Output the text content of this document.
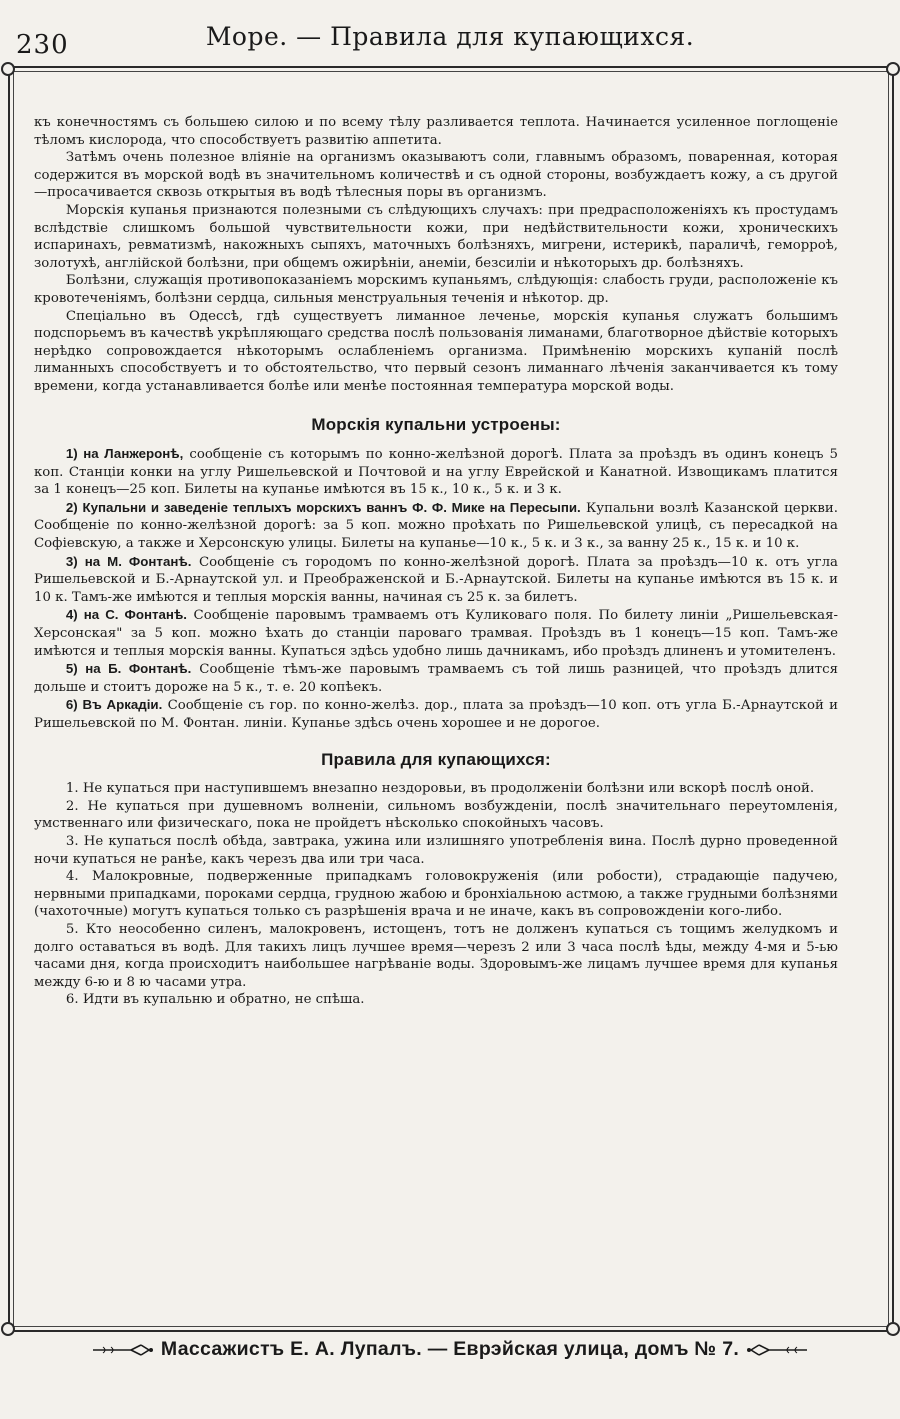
230	Море. — Правила для купающихся.

къ конечностямъ съ большею силою и по всему тѣлу разливается теплота. Начинается усиленное поглощеніе тѣломъ кислорода, что способствуетъ развитію аппетита.

Затѣмъ очень полезное вліяніе на организмъ оказываютъ соли, главнымъ образомъ, поваренная, которая содержится въ морской водѣ въ значительномъ количествѣ и съ одной стороны, возбуждаетъ кожу, а съ другой—просачивается сквозь открытыя въ водѣ тѣлесныя поры въ организмъ.

Морскія купанья признаются полезными съ слѣдующихъ случахъ: при предрасположеніяхъ къ простудамъ вслѣдствіе слишкомъ большой чувствительности кожи, при недѣйствительности кожи, хроническихъ испаринахъ, ревматизмѣ, накожныхъ сыпяхъ, маточныхъ болѣзняхъ, мигрени, истерикѣ, параличѣ, геморроѣ, золотухѣ, англійской болѣзни, при общемъ ожирѣніи, анеміи, безсиліи и нѣкоторыхъ др. болѣзняхъ.

Болѣзни, служащія противопоказаніемъ морскимъ купаньямъ, слѣдующія: слабость груди, расположеніе къ кровотеченіямъ, болѣзни сердца, сильныя менструальныя теченія и нѣкотор. др.

Спеціально въ Одессѣ, гдѣ существуетъ лиманное леченье, морскія купанья служатъ большимъ подспорьемъ въ качествѣ укрѣпляющаго средства послѣ пользованія лиманами, благотворное дѣйствіе которыхъ нерѣдко сопровождается нѣкоторымъ ослабленіемъ организма. Примѣненію морскихъ купаній послѣ лиманныхъ способствуетъ и то обстоятельство, что первый сезонъ лиманнаго лѣченія заканчивается къ тому времени, когда устанавливается болѣе или менѣе постоянная температура морской воды.

Морскія купальни устроены:

1) на Ланжеронѣ, сообщеніе съ которымъ по конно-желѣзной дорогѣ. Плата за проѣздъ въ одинъ конецъ 5 коп. Станціи конки на углу Ришельевской и Почтовой и на углу Еврейской и Канатной. Извощикамъ платится за 1 конецъ—25 коп. Билеты на купанье имѣются въ 15 к., 10 к., 5 к. и 3 к.

2) Купальни и заведеніе теплыхъ морскихъ ваннъ Ф. Ф. Мике на Пересыпи. Купальни возлѣ Казанской церкви. Сообщеніе по конно-желѣзной дорогѣ: за 5 коп. можно проѣхать по Ришельевской улицѣ, съ пересадкой на Софіевскую, а также и Херсонскую улицы. Билеты на купанье—10 к., 5 к. и 3 к., за ванну 25 к., 15 к. и 10 к.

3) на М. Фонтанѣ. Сообщеніе съ городомъ по конно-желѣзной дорогѣ. Плата за проѣздъ—10 к. отъ угла Ришельевской и Б.-Арнаутской ул. и Преображенской и Б.-Арнаутской. Билеты на купанье имѣются въ 15 к. и 10 к. Тамъ-же имѣются и теплыя морскія ванны, начиная съ 25 к. за билетъ.

4) на С. Фонтанѣ. Сообщеніе паровымъ трамваемъ отъ Куликоваго поля. По билету линіи „Ришельевская- Херсонская" за 5 коп. можно ѣхать до станціи пароваго трамвая. Проѣздъ въ 1 конецъ—15 коп. Тамъ-же имѣются и теплыя морскія ванны. Купаться здѣсь удобно лишь дачникамъ, ибо проѣздъ длиненъ и утомителенъ.

5) на Б. Фонтанѣ. Сообщеніе тѣмъ-же паровымъ трамваемъ съ той лишь разницей, что проѣздъ длится дольше и стоитъ дороже на 5 к., т. е. 20 копѣекъ.

6) Въ Аркадіи. Сообщеніе съ гор. по конно-желѣз. дор., плата за проѣздъ—10 коп. отъ угла Б.-Арнаутской и Ришельевской по М. Фонтан. линіи. Купанье здѣсь очень хорошее и не дорогое.

Правила для купающихся:

1. Не купаться при наступившемъ внезапно нездоровьи, въ продолженіи болѣзни или вскорѣ послѣ оной.

2. Не купаться при душевномъ волненіи, сильномъ возбужденіи, послѣ значительнаго переутомленія, умственнаго или физическаго, пока не пройдетъ нѣсколько спокойныхъ часовъ.

3. Не купаться послѣ обѣда, завтрака, ужина или излишняго употребленія вина. Послѣ дурно проведенной ночи купаться не ранѣе, какъ черезъ два или три часа.

4. Малокровные, подверженные припадкамъ головокруженія (или робости), страдающіе падучею, нервными припадками, пороками сердца, грудною жабою и бронхіальною астмою, а также грудными болѣзнями (чахоточные) могутъ купаться только съ разрѣшенія врача и не иначе, какъ въ сопровожденіи кого-либо.

5. Кто неособенно силенъ, малокровенъ, истощенъ, тотъ не долженъ купаться съ тощимъ желудкомъ и долго оставаться въ водѣ. Для такихъ лицъ лучшее время—черезъ 2 или 3 часа послѣ ѣды, между 4-мя и 5-ью часами дня, когда происходитъ наибольшее нагрѣваніе воды. Здоровымъ-же лицамъ лучшее время для купанья между 6-ю и 8 ю часами утра.

6. Идти въ купальню и обратно, не спѣша.

Массажистъ Е. А. Лупалъ. — Еврэйская улица, домъ № 7.
